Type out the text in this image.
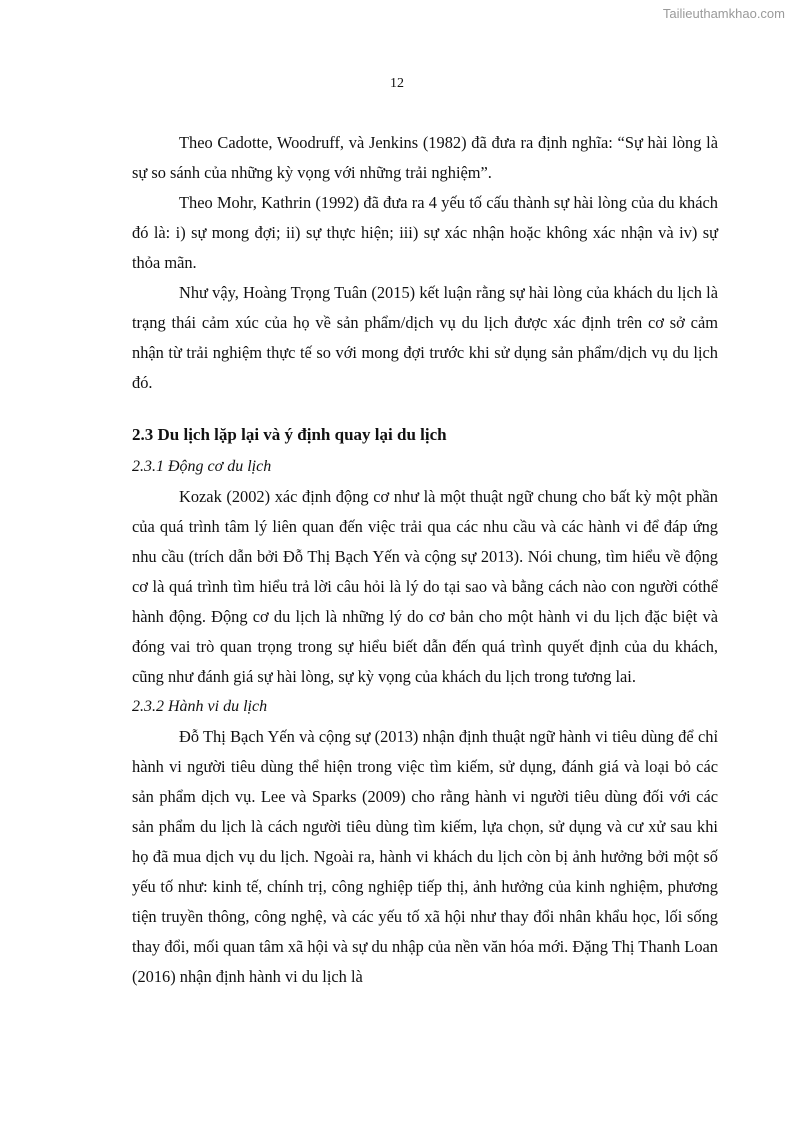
Tailieuthamkhao.com
12

Theo Cadotte, Woodruff, và Jenkins (1982) đã đưa ra định nghĩa: “Sự hài lòng là sự so sánh của những kỳ vọng với những trải nghiệm”.

Theo Mohr, Kathrin (1992) đã đưa ra 4 yếu tố cấu thành sự hài lòng của du khách đó là: i) sự mong đợi; ii) sự thực hiện; iii) sự xác nhận hoặc không xác nhận và iv) sự thỏa mãn.

Như vậy, Hoàng Trọng Tuân (2015) kết luận rằng sự hài lòng của khách du lịch là trạng thái cảm xúc của họ về sản phẩm/dịch vụ du lịch được xác định trên cơ sở cảm nhận từ trải nghiệm thực tế so với mong đợi trước khi sử dụng sản phẩm/dịch vụ du lịch đó.

2.3 Du lịch lặp lại và ý định quay lại du lịch
2.3.1 Động cơ du lịch

Kozak (2002) xác định động cơ như là một thuật ngữ chung cho bất kỳ một phần của quá trình tâm lý liên quan đến việc trải qua các nhu cầu và các hành vi để đáp ứng nhu cầu (trích dẫn bởi Đỗ Thị Bạch Yến và cộng sự 2013). Nói chung, tìm hiểu về động cơ là quá trình tìm hiểu trả lời câu hỏi là lý do tại sao và bằng cách nào con người cóthể hành động. Động cơ du lịch là những lý do cơ bản cho một hành vi du lịch đặc biệt và đóng vai trò quan trọng trong sự hiểu biết dẫn đến quá trình quyết định của du khách, cũng như đánh giá sự hài lòng, sự kỳ vọng của khách du lịch trong tương lai.

2.3.2 Hành vi du lịch

Đỗ Thị Bạch Yến và cộng sự (2013) nhận định thuật ngữ hành vi tiêu dùng để chỉ hành vi người tiêu dùng thể hiện trong việc tìm kiếm, sử dụng, đánh giá và loại bỏ các sản phẩm dịch vụ. Lee và Sparks (2009) cho rằng hành vi người tiêu dùng đối với các sản phẩm du lịch là cách người tiêu dùng tìm kiếm, lựa chọn, sử dụng và cư xử sau khi họ đã mua dịch vụ du lịch. Ngoài ra, hành vi khách du lịch còn bị ảnh hưởng bởi một số yếu tố như: kinh tế, chính trị, công nghiệp tiếp thị, ảnh hưởng của kinh nghiệm, phương tiện truyền thông, công nghệ, và các yếu tố xã hội như thay đổi nhân khẩu học, lối sống thay đổi, mối quan tâm xã hội và sự du nhập của nền văn hóa mới. Đặng Thị Thanh Loan (2016) nhận định hành vi du lịch là
